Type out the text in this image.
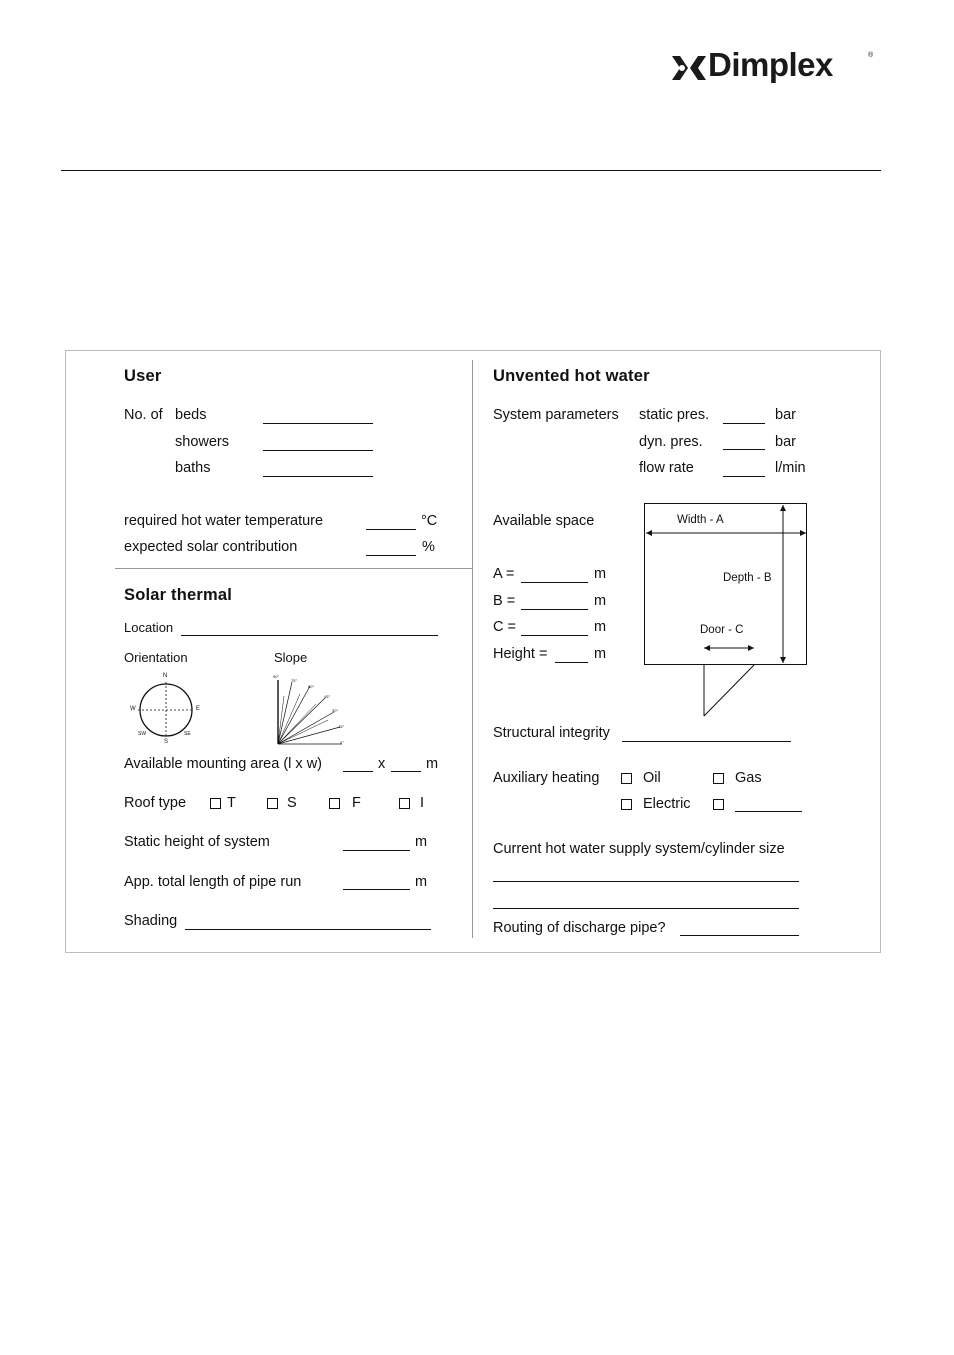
Dimplex	®
User
No. of beds
showers
baths
required hot water temperature	°C
expected solar contribution	%
Solar thermal
Location
Orientation	Slope
N
E
S
W
SW	SE
90°
75°
60°
45°
30°
15°
0°
Available mounting area (l x w)	x	m
Roof type	T	S	F	I
Static height of system	m
App. total length of pipe run	m
Shading
Unvented hot water
System parameters static pres.	bar
dyn. pres.	bar
flow rate	l/min
Available space
A =	m
B =	m
C =	m
Height =	m
Width - A
Depth - B
Door - C
Structural integrity
Auxiliary heating	Oil	Gas
Electric
Current hot water supply system/cylinder size
Routing of discharge pipe?
